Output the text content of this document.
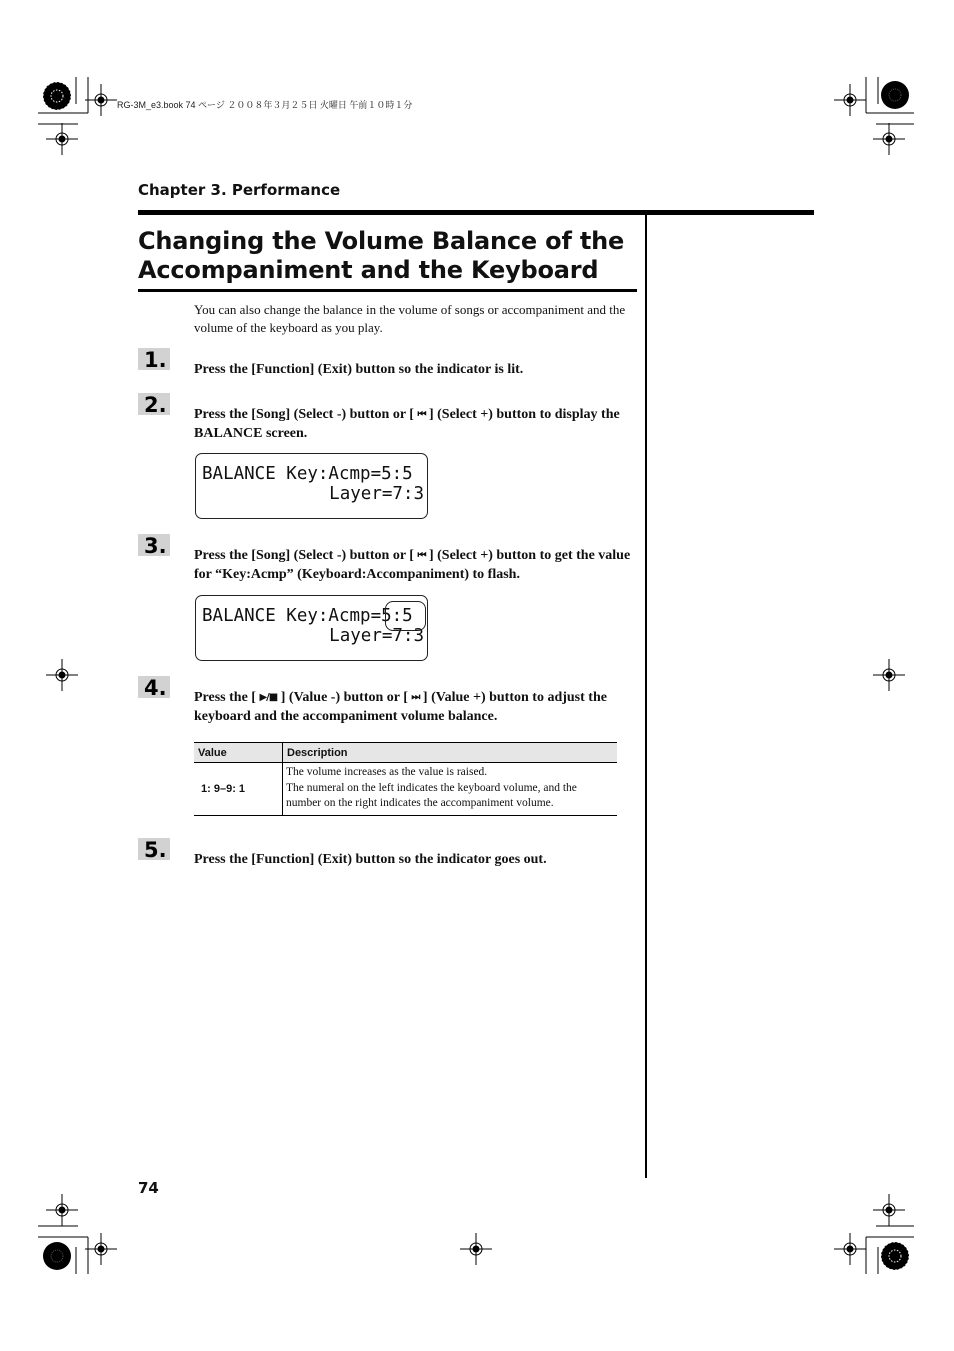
RG-3M_e3.book 74 ページ ２００８年３月２５日 火曜日 午前１０時１分
Chapter 3. Performance
Changing the Volume Balance of the
Accompaniment and the Keyboard
You can also change the balance in the volume of songs or accompaniment and the volume of the keyboard as you play.
1. Press the [Function] (Exit) button so the indicator is lit.
2. Press the [Song] (Select -) button or [ ⏮ ] (Select +) button to display the BALANCE screen.
BALANCE Key:Acmp=5:5
Layer=7:3
3. Press the [Song] (Select -) button or [ ⏮ ] (Select +) button to get the value for “Key:Acmp” (Keyboard:Accompaniment) to flash.
BALANCE Key:Acmp=5:5
Layer=7:3
4. Press the [ ▶/■ ] (Value -) button or [ ⏭ ] (Value +) button to adjust the keyboard and the accompaniment volume balance.
Value	Description
1: 9–9: 1	The volume increases as the value is raised.
The numeral on the left indicates the keyboard volume, and the number on the right indicates the accompaniment volume.
5. Press the [Function] (Exit) button so the indicator goes out.
74
